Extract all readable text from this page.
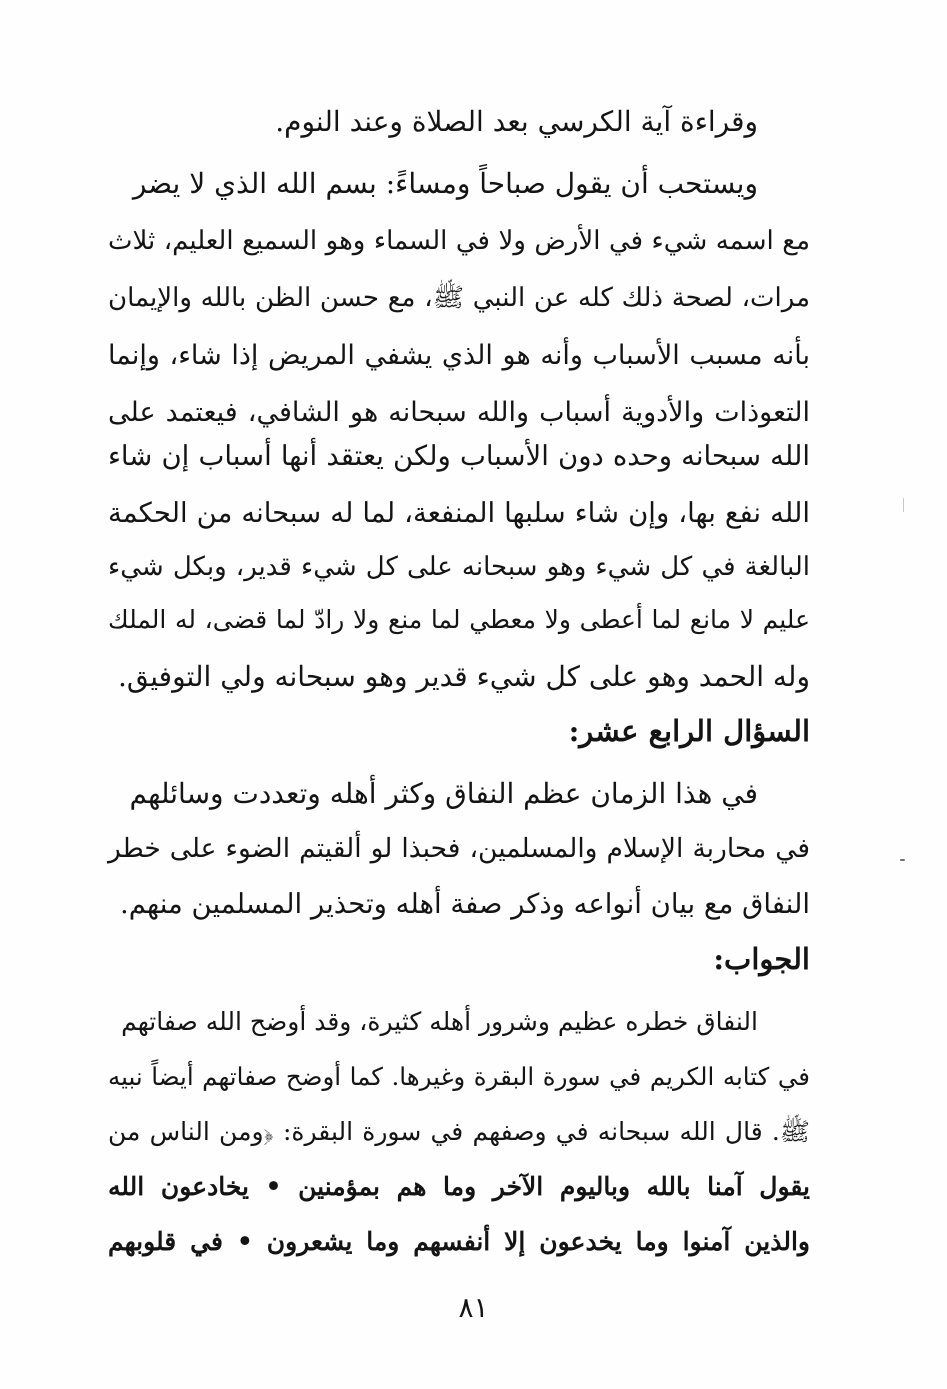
وقراءة آية الكرسي بعد الصلاة وعند النوم.
ويستحب أن يقول صباحاً ومساءً: بسم الله الذي لا يضر
مع اسمه شيء في الأرض ولا في السماء وهو السميع العليم، ثلاث
مرات، لصحة ذلك كله عن النبي ﷺ، مع حسن الظن بالله والإيمان
بأنه مسبب الأسباب وأنه هو الذي يشفي المريض إذا شاء، وإنما
التعوذات والأدوية أسباب والله سبحانه هو الشافي، فيعتمد على
الله سبحانه وحده دون الأسباب ولكن يعتقد أنها أسباب إن شاء
الله نفع بها، وإن شاء سلبها المنفعة، لما له سبحانه من الحكمة
البالغة في كل شيء وهو سبحانه على كل شيء قدير، وبكل شيء
عليم لا مانع لما أعطى ولا معطي لما منع ولا رادّ لما قضى، له الملك
وله الحمد وهو على كل شيء قدير وهو سبحانه ولي التوفيق.
السؤال الرابع عشر:
في هذا الزمان عظم النفاق وكثر أهله وتعددت وسائلهم
في محاربة الإسلام والمسلمين، فحبذا لو ألقيتم الضوء على خطر
النفاق مع بيان أنواعه وذكر صفة أهله وتحذير المسلمين منهم.
الجواب:
النفاق خطره عظيم وشرور أهله كثيرة، وقد أوضح الله صفاتهم
في كتابه الكريم في سورة البقرة وغيرها. كما أوضح صفاتهم أيضاً نبيه
ﷺ. قال الله سبحانه في وصفهم في سورة البقرة: ﴿ومن الناس من
يقول آمنا بالله وباليوم الآخر وما هم بمؤمنين • يخادعون الله
والذين آمنوا وما يخدعون إلا أنفسهم وما يشعرون • في قلوبهم
٨١
